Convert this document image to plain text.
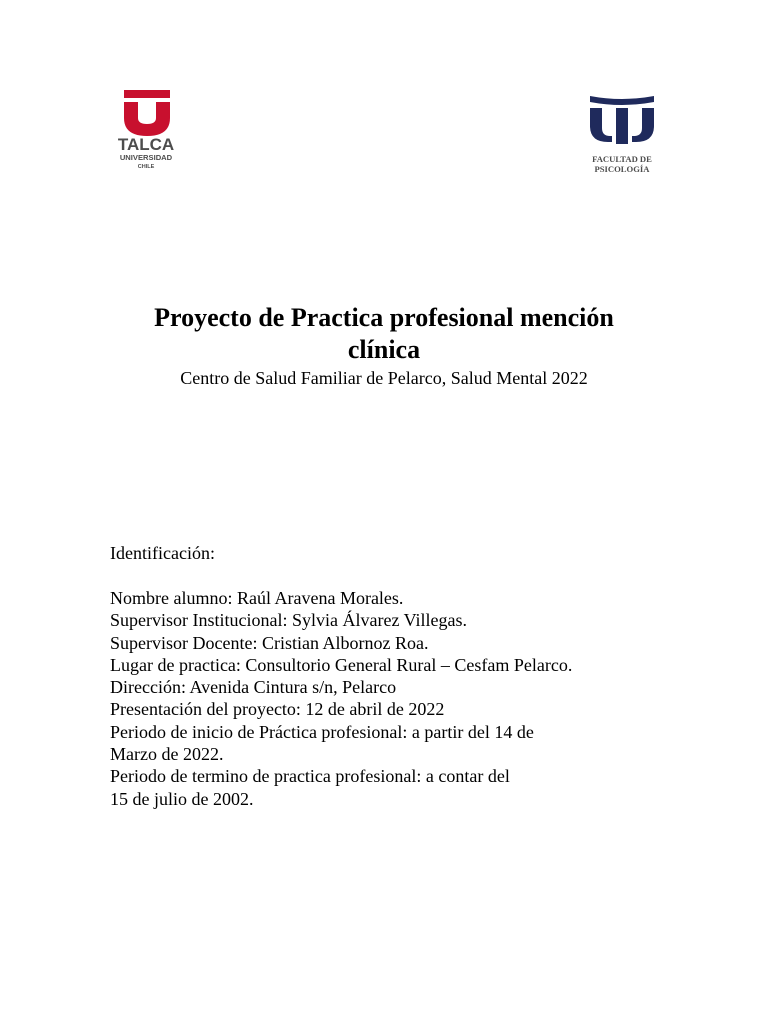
TALCA
UNIVERSIDAD
CHILE
FACULTAD DE
PSICOLOGÍA
Proyecto de Practica profesional mención
clínica
Centro de Salud Familiar de Pelarco, Salud Mental 2022
Identificación:
Nombre alumno: Raúl Aravena Morales.
Supervisor Institucional: Sylvia Álvarez Villegas.
Supervisor Docente: Cristian Albornoz Roa.
Lugar de practica: Consultorio General Rural – Cesfam Pelarco.
Dirección: Avenida Cintura s/n, Pelarco
Presentación del proyecto: 12 de abril de 2022
Periodo de inicio de Práctica profesional: a partir del 14 de
Marzo de 2022.
Periodo de termino de practica profesional: a contar del
15 de julio de 2002.
